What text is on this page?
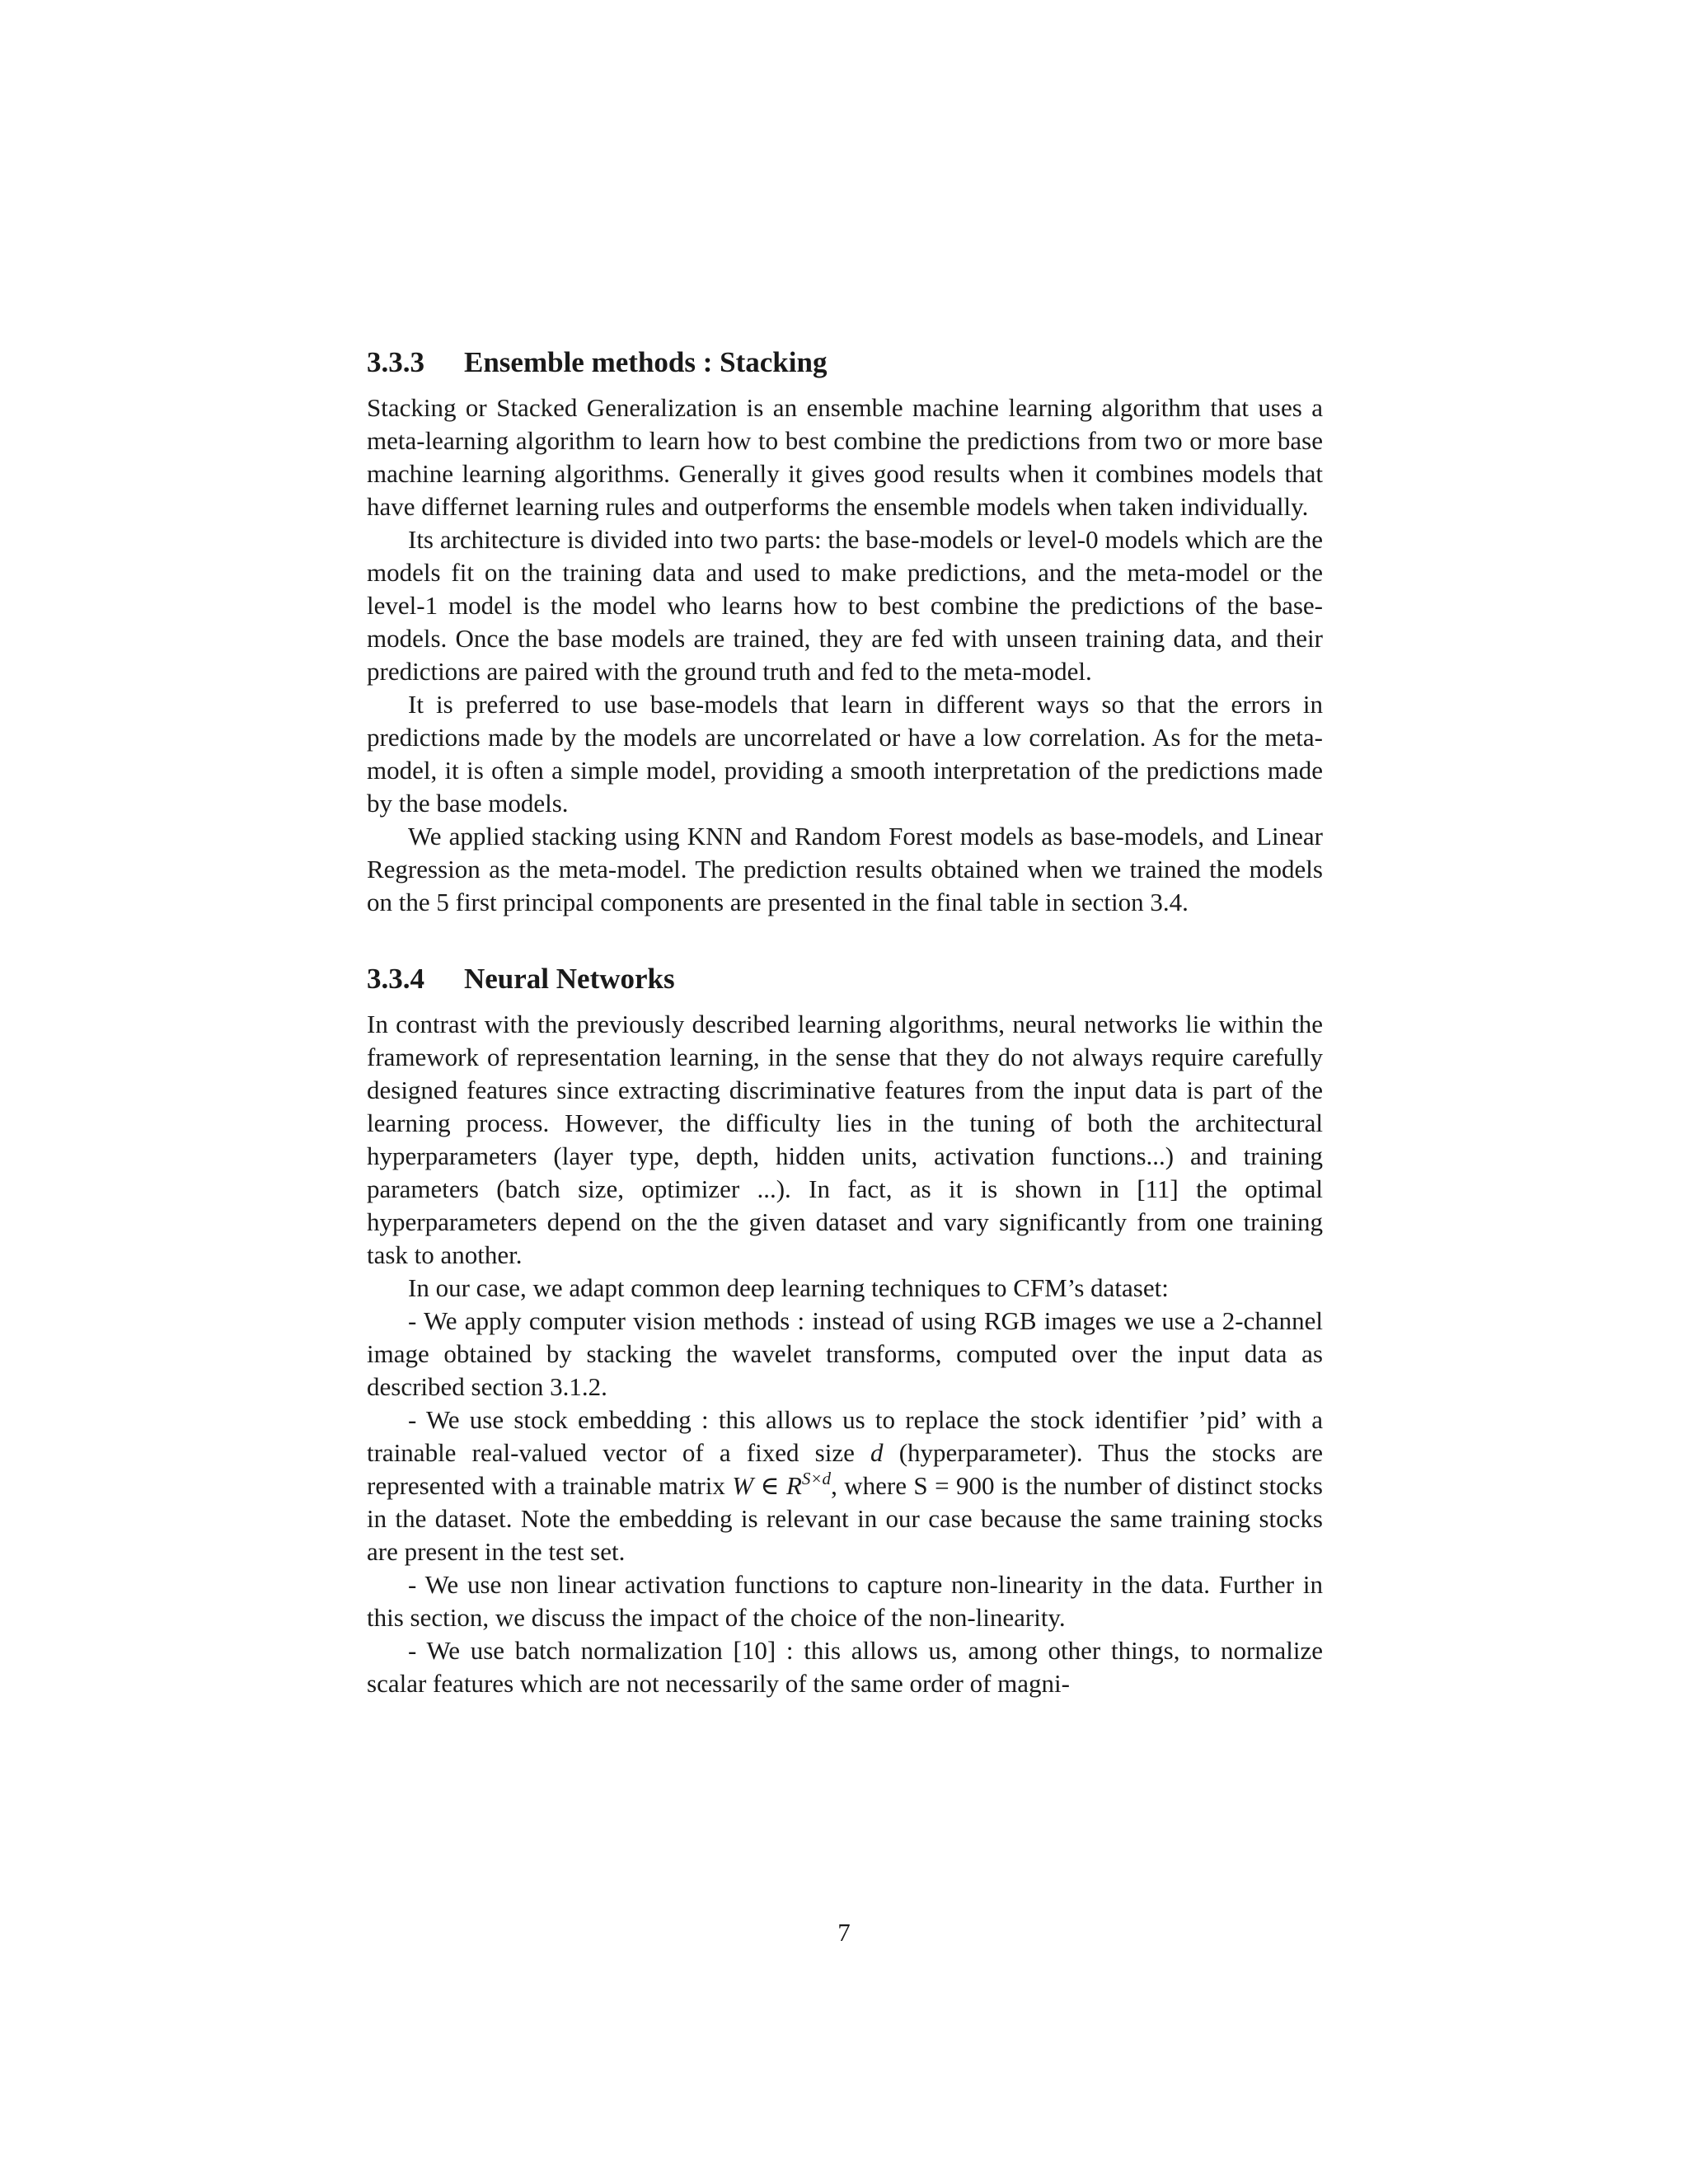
3.3.3 Ensemble methods : Stacking

Stacking or Stacked Generalization is an ensemble machine learning algorithm that uses a meta-learning algorithm to learn how to best combine the predictions from two or more base machine learning algorithms. Generally it gives good results when it combines models that have differnet learning rules and outperforms the ensemble models when taken individually.

Its architecture is divided into two parts: the base-models or level-0 models which are the models fit on the training data and used to make predictions, and the meta-model or the level-1 model is the model who learns how to best combine the predictions of the base-models. Once the base models are trained, they are fed with unseen training data, and their predictions are paired with the ground truth and fed to the meta-model.

It is preferred to use base-models that learn in different ways so that the errors in predictions made by the models are uncorrelated or have a low correlation. As for the meta-model, it is often a simple model, providing a smooth interpretation of the predictions made by the base models.

We applied stacking using KNN and Random Forest models as base-models, and Linear Regression as the meta-model. The prediction results obtained when we trained the models on the 5 first principal components are presented in the final table in section 3.4.

3.3.4 Neural Networks

In contrast with the previously described learning algorithms, neural networks lie within the framework of representation learning, in the sense that they do not always require carefully designed features since extracting discriminative features from the input data is part of the learning process. However, the difficulty lies in the tuning of both the architectural hyperparameters (layer type, depth, hidden units, activation functions...) and training parameters (batch size, optimizer ...). In fact, as it is shown in [11] the optimal hyperparameters depend on the the given dataset and vary significantly from one training task to another.

In our case, we adapt common deep learning techniques to CFM’s dataset:

- We apply computer vision methods : instead of using RGB images we use a 2-channel image obtained by stacking the wavelet transforms, computed over the input data as described section 3.1.2.

- We use stock embedding : this allows us to replace the stock identifier ’pid’ with a trainable real-valued vector of a fixed size d (hyperparameter). Thus the stocks are represented with a trainable matrix W ∈ $R^{S\times d}$, where S = 900 is the number of distinct stocks in the dataset. Note the embedding is relevant in our case because the same training stocks are present in the test set.

- We use non linear activation functions to capture non-linearity in the data. Further in this section, we discuss the impact of the choice of the non-linearity.

- We use batch normalization [10] : this allows us, among other things, to normalize scalar features which are not necessarily of the same order of magni-

7
